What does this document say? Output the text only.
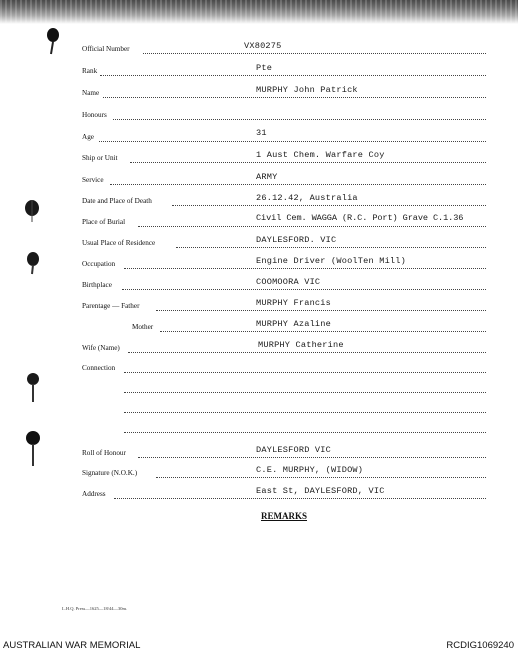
Official Number	VX80275
Rank	Pte
Name	MURPHY John Patrick
Honours
Age	31
Ship or Unit	1 Aust Chem. Warfare Coy
Service	ARMY
Date and Place of Death	26.12.42, Australia
Place of Burial	Civil Cem. WAGGA (R.C. Port) Grave C.1.36
Usual Place of Residence	DAYLESFORD. VIC
Occupation	Engine Driver (WoolTen Mill)
Birthplace	COOMOORA VIC
Parentage — Father	MURPHY Francis
Mother	MURPHY Azaline
Wife (Name)	MURPHY Catherine
Connection
Roll of Honour	DAYLESFORD VIC
Signature (N.O.K.)	C.E. MURPHY, (WIDOW)
Address	East St, DAYLESFORD, VIC
REMARKS
L.H.Q. Press—1625—18/44—30m.
AUSTRALIAN WAR MEMORIAL	RCDIG1069240
